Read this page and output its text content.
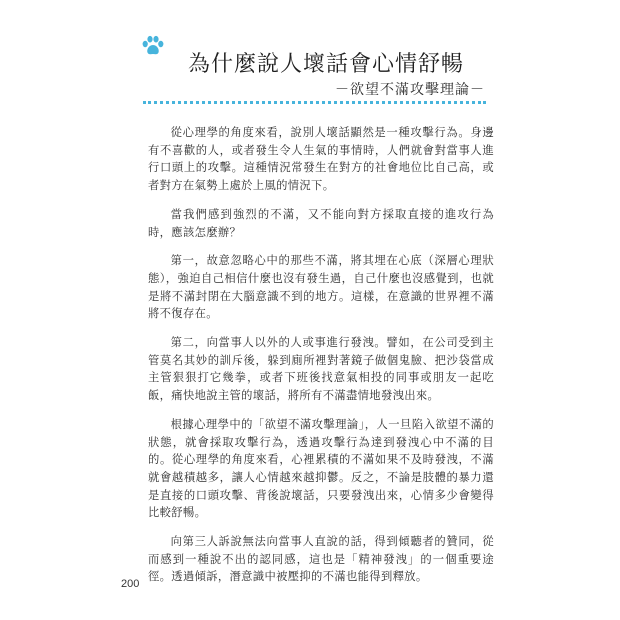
為什麼說人壞話會心情舒暢
－欲望不滿攻擊理論－

從心理學的角度來看，說別人壞話顯然是一種攻擊行為。身邊有不喜歡的人，或者發生令人生氣的事情時，人們就會對當事人進行口頭上的攻擊。這種情況常發生在對方的社會地位比自己高，或者對方在氣勢上處於上風的情況下。

當我們感到強烈的不滿，又不能向對方採取直接的進攻行為時，應該怎麼辦？

第一，故意忽略心中的那些不滿，將其埋在心底（深層心理狀態），強迫自己相信什麼也沒有發生過，自己什麼也沒感覺到，也就是將不滿封閉在大腦意識不到的地方。這樣，在意識的世界裡不滿將不復存在。

第二，向當事人以外的人或事進行發洩。譬如，在公司受到主管莫名其妙的訓斥後，躲到廁所裡對著鏡子做個鬼臉、把沙袋當成主管狠狠打它幾拳，或者下班後找意氣相投的同事或朋友一起吃飯，痛快地說主管的壞話，將所有不滿盡情地發洩出來。

根據心理學中的「欲望不滿攻擊理論」，人一旦陷入欲望不滿的狀態，就會採取攻擊行為，透過攻擊行為達到發洩心中不滿的目的。從心理學的角度來看，心裡累積的不滿如果不及時發洩，不滿就會越積越多，讓人心情越來越抑鬱。反之，不論是肢體的暴力還是直接的口頭攻擊、背後說壞話，只要發洩出來，心情多少會變得比較舒暢。

向第三人訴說無法向當事人直說的話，得到傾聽者的贊同，從而感到一種說不出的認同感，這也是「精神發洩」的一個重要途徑。透過傾訴，潛意識中被壓抑的不滿也能得到釋放。

200
